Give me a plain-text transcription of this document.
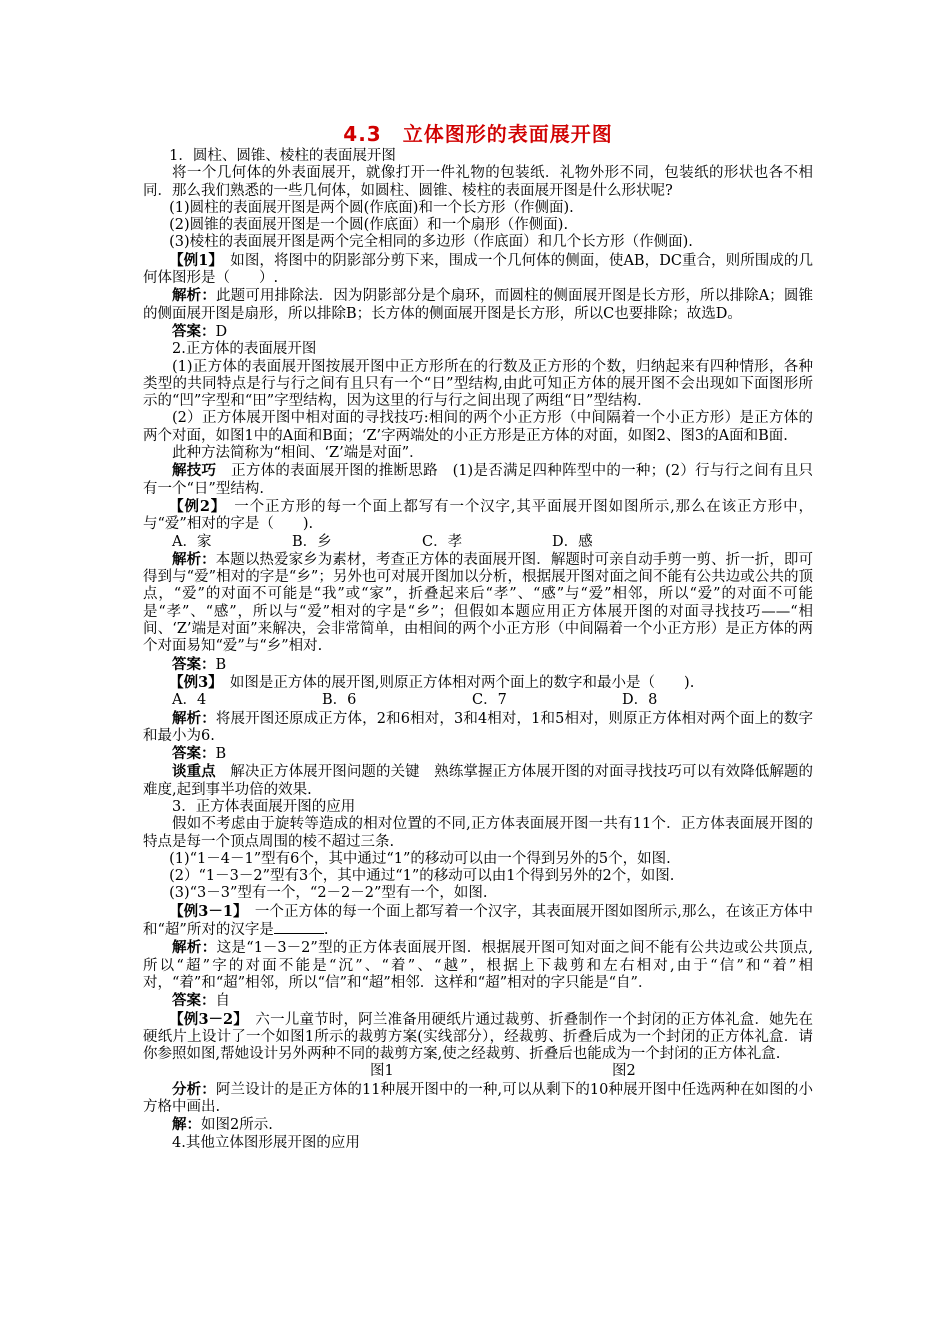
4.3　立体图形的表面展开图

1．圆柱、圆锥、棱柱的表面展开图

将一个几何体的外表面展开，就像打开一件礼物的包装纸．礼物外形不同，包装纸的形状也各不相同．那么我们熟悉的一些几何体，如圆柱、圆锥、棱柱的表面展开图是什么形状呢?

(1)圆柱的表面展开图是两个圆(作底面)和一个长方形（作侧面).

(2)圆锥的表面展开图是一个圆(作底面）和一个扇形（作侧面).

(3)棱柱的表面展开图是两个完全相同的多边形（作底面）和几个长方形（作侧面).

【例1】　如图，将图中的阴影部分剪下来，围成一个几何体的侧面，使AB，DC重合，则所围成的几何体图形是（　　）.

解析：此题可用排除法．因为阴影部分是个扇环，而圆柱的侧面展开图是长方形，所以排除A；圆锥的侧面展开图是扇形，所以排除B；长方体的侧面展开图是长方形，所以C也要排除；故选D。

答案：D

2.正方体的表面展开图

(1)正方体的表面展开图按展开图中正方形所在的行数及正方形的个数，归纳起来有四种情形，各种类型的共同特点是行与行之间有且只有一个“日”型结构,由此可知正方体的展开图不会出现如下面图形所示的“凹”字型和“田”字型结构，因为这里的行与行之间出现了两组“日”型结构.

(2）正方体展开图中相对面的寻找技巧:相间的两个小正方形（中间隔着一个小正方形）是正方体的两个对面，如图1中的A面和B面；‘Z’字两端处的小正方形是正方体的对面，如图2、图3的A面和B面.

此种方法简称为“相间、‘Z’端是对面”．

解技巧　正方体的表面展开图的推断思路　(1)是否满足四种阵型中的一种；(2）行与行之间有且只有一个“日”型结构.

【例2】　一个正方形的每一个面上都写有一个汉字,其平面展开图如图所示,那么在该正方形中，与“爱”相对的字是（　　).

A．家	B．乡	C．孝	D．感

解析：本题以热爱家乡为素材，考查正方体的表面展开图．解题时可亲自动手剪一剪、折一折，即可得到与“爱”相对的字是“乡”；另外也可对展开图加以分析，根据展开图对面之间不能有公共边或公共的顶点，“爱”的对面不可能是“我”或“家”，折叠起来后“孝”、“感”与“爱”相邻，所以“爱”的对面不可能是“孝”、“感”，所以与“爱”相对的字是“乡”；但假如本题应用正方体展开图的对面寻找技巧——“相间、‘Z’端是对面”来解决，会非常简单，由相间的两个小正方形（中间隔着一个小正方形）是正方体的两个对面易知“爱”与“乡”相对.

答案：B

【例3】　如图是正方体的展开图,则原正方体相对两个面上的数字和最小是（　　).

A．4	B．6	C．7	D．8

解析：将展开图还原成正方体，2和6相对，3和4相对，1和5相对，则原正方体相对两个面上的数字和最小为6.

答案：B

谈重点　解决正方体展开图问题的关键　熟练掌握正方体展开图的对面寻找技巧可以有效降低解题的难度,起到事半功倍的效果.

3．正方体表面展开图的应用

假如不考虑由于旋转等造成的相对位置的不同,正方体表面展开图一共有11个．正方体表面展开图的特点是每一个顶点周围的棱不超过三条.

(1)“1－4－1”型有6个，其中通过“1”的移动可以由一个得到另外的5个，如图.

(2）“1－3－2”型有3个，其中通过“1”的移动可以由1个得到另外的2个，如图.

(3)“3－3”型有一个，“2－2－2”型有一个，如图.

【例3－1】　一个正方体的每一个面上都写着一个汉字，其表面展开图如图所示,那么，在该正方体中和“超”所对的汉字是	.

解析：这是“1－3－2”型的正方体表面展开图．根据展开图可知对面之间不能有公共边或公共顶点,所以“超”字的对面不能是“沉”、“着”、“越”，根据上下裁剪和左右相对,由于“信”和“着”相对，“着”和“超”相邻，所以“信”和“超”相邻．这样和“超”相对的字只能是“自”．

答案：自

【例3－2】　六一儿童节时，阿兰准备用硬纸片通过裁剪、折叠制作一个封闭的正方体礼盒．她先在硬纸片上设计了一个如图1所示的裁剪方案(实线部分），经裁剪、折叠后成为一个封闭的正方体礼盒．请你参照如图,帮她设计另外两种不同的裁剪方案,使之经裁剪、折叠后也能成为一个封闭的正方体礼盒.

图1	图2

分析：阿兰设计的是正方体的11种展开图中的一种,可以从剩下的10种展开图中任选两种在如图的小方格中画出.

解：如图2所示.

4.其他立体图形展开图的应用
